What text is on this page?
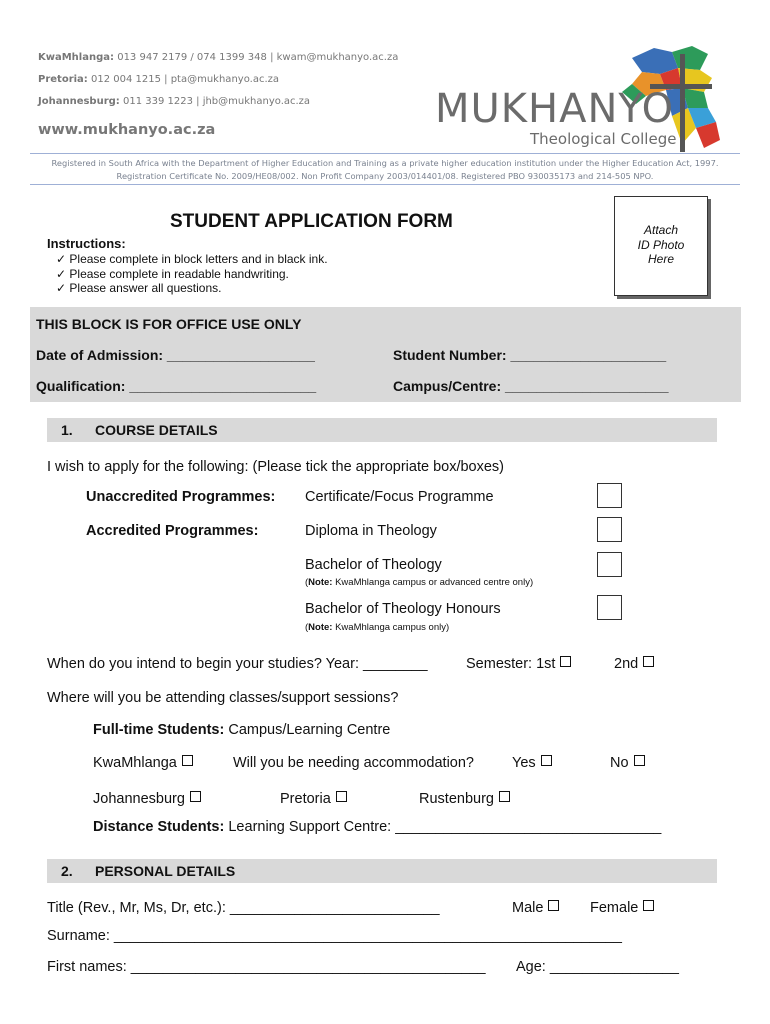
KwaMhlanga: 013 947 2179 / 074 1399 348 | kwam@mukhanyo.ac.za
Pretoria: 012 004 1215 | pta@mukhanyo.ac.za
Johannesburg: 011 339 1223 | jhb@mukhanyo.ac.za
www.mukhanyo.ac.za	MUKHANYO
Theological College
Registered in South Africa with the Department of Higher Education and Training as a private higher education institution under the Higher Education Act, 1997. Registration Certificate No. 2009/HE08/002. Non Profit Company 2003/014401/08. Registered PBO 930035173 and 214-505 NPO.
STUDENT APPLICATION FORM
Instructions:
✓ Please complete in block letters and in black ink.
✓ Please complete in readable handwriting.
✓ Please answer all questions.
Attach
ID Photo
Here
THIS BLOCK IS FOR OFFICE USE ONLY
Date of Admission: ___________________	Student Number: ____________________
Qualification: ________________________	Campus/Centre: _____________________
1. COURSE DETAILS
I wish to apply for the following: (Please tick the appropriate box/boxes)
Unaccredited Programmes: Certificate/Focus Programme
Accredited Programmes:	Diploma in Theology
Bachelor of Theology
(Note: KwaMhlanga campus or advanced centre only)
Bachelor of Theology Honours
(Note: KwaMhlanga campus only)
When do you intend to begin your studies? Year: ________	Semester: 1st	2nd
Where will you be attending classes/support sessions?
Full-time Students: Campus/Learning Centre
KwaMhlanga	Will you be needing accommodation?	Yes	No
Johannesburg	Pretoria	Rustenburg
Distance Students: Learning Support Centre: _________________________________
2. PERSONAL DETAILS
Title (Rev., Mr, Ms, Dr, etc.): __________________________	Male	Female
Surname: _______________________________________________________________
First names: ____________________________________________ Age: ________________
